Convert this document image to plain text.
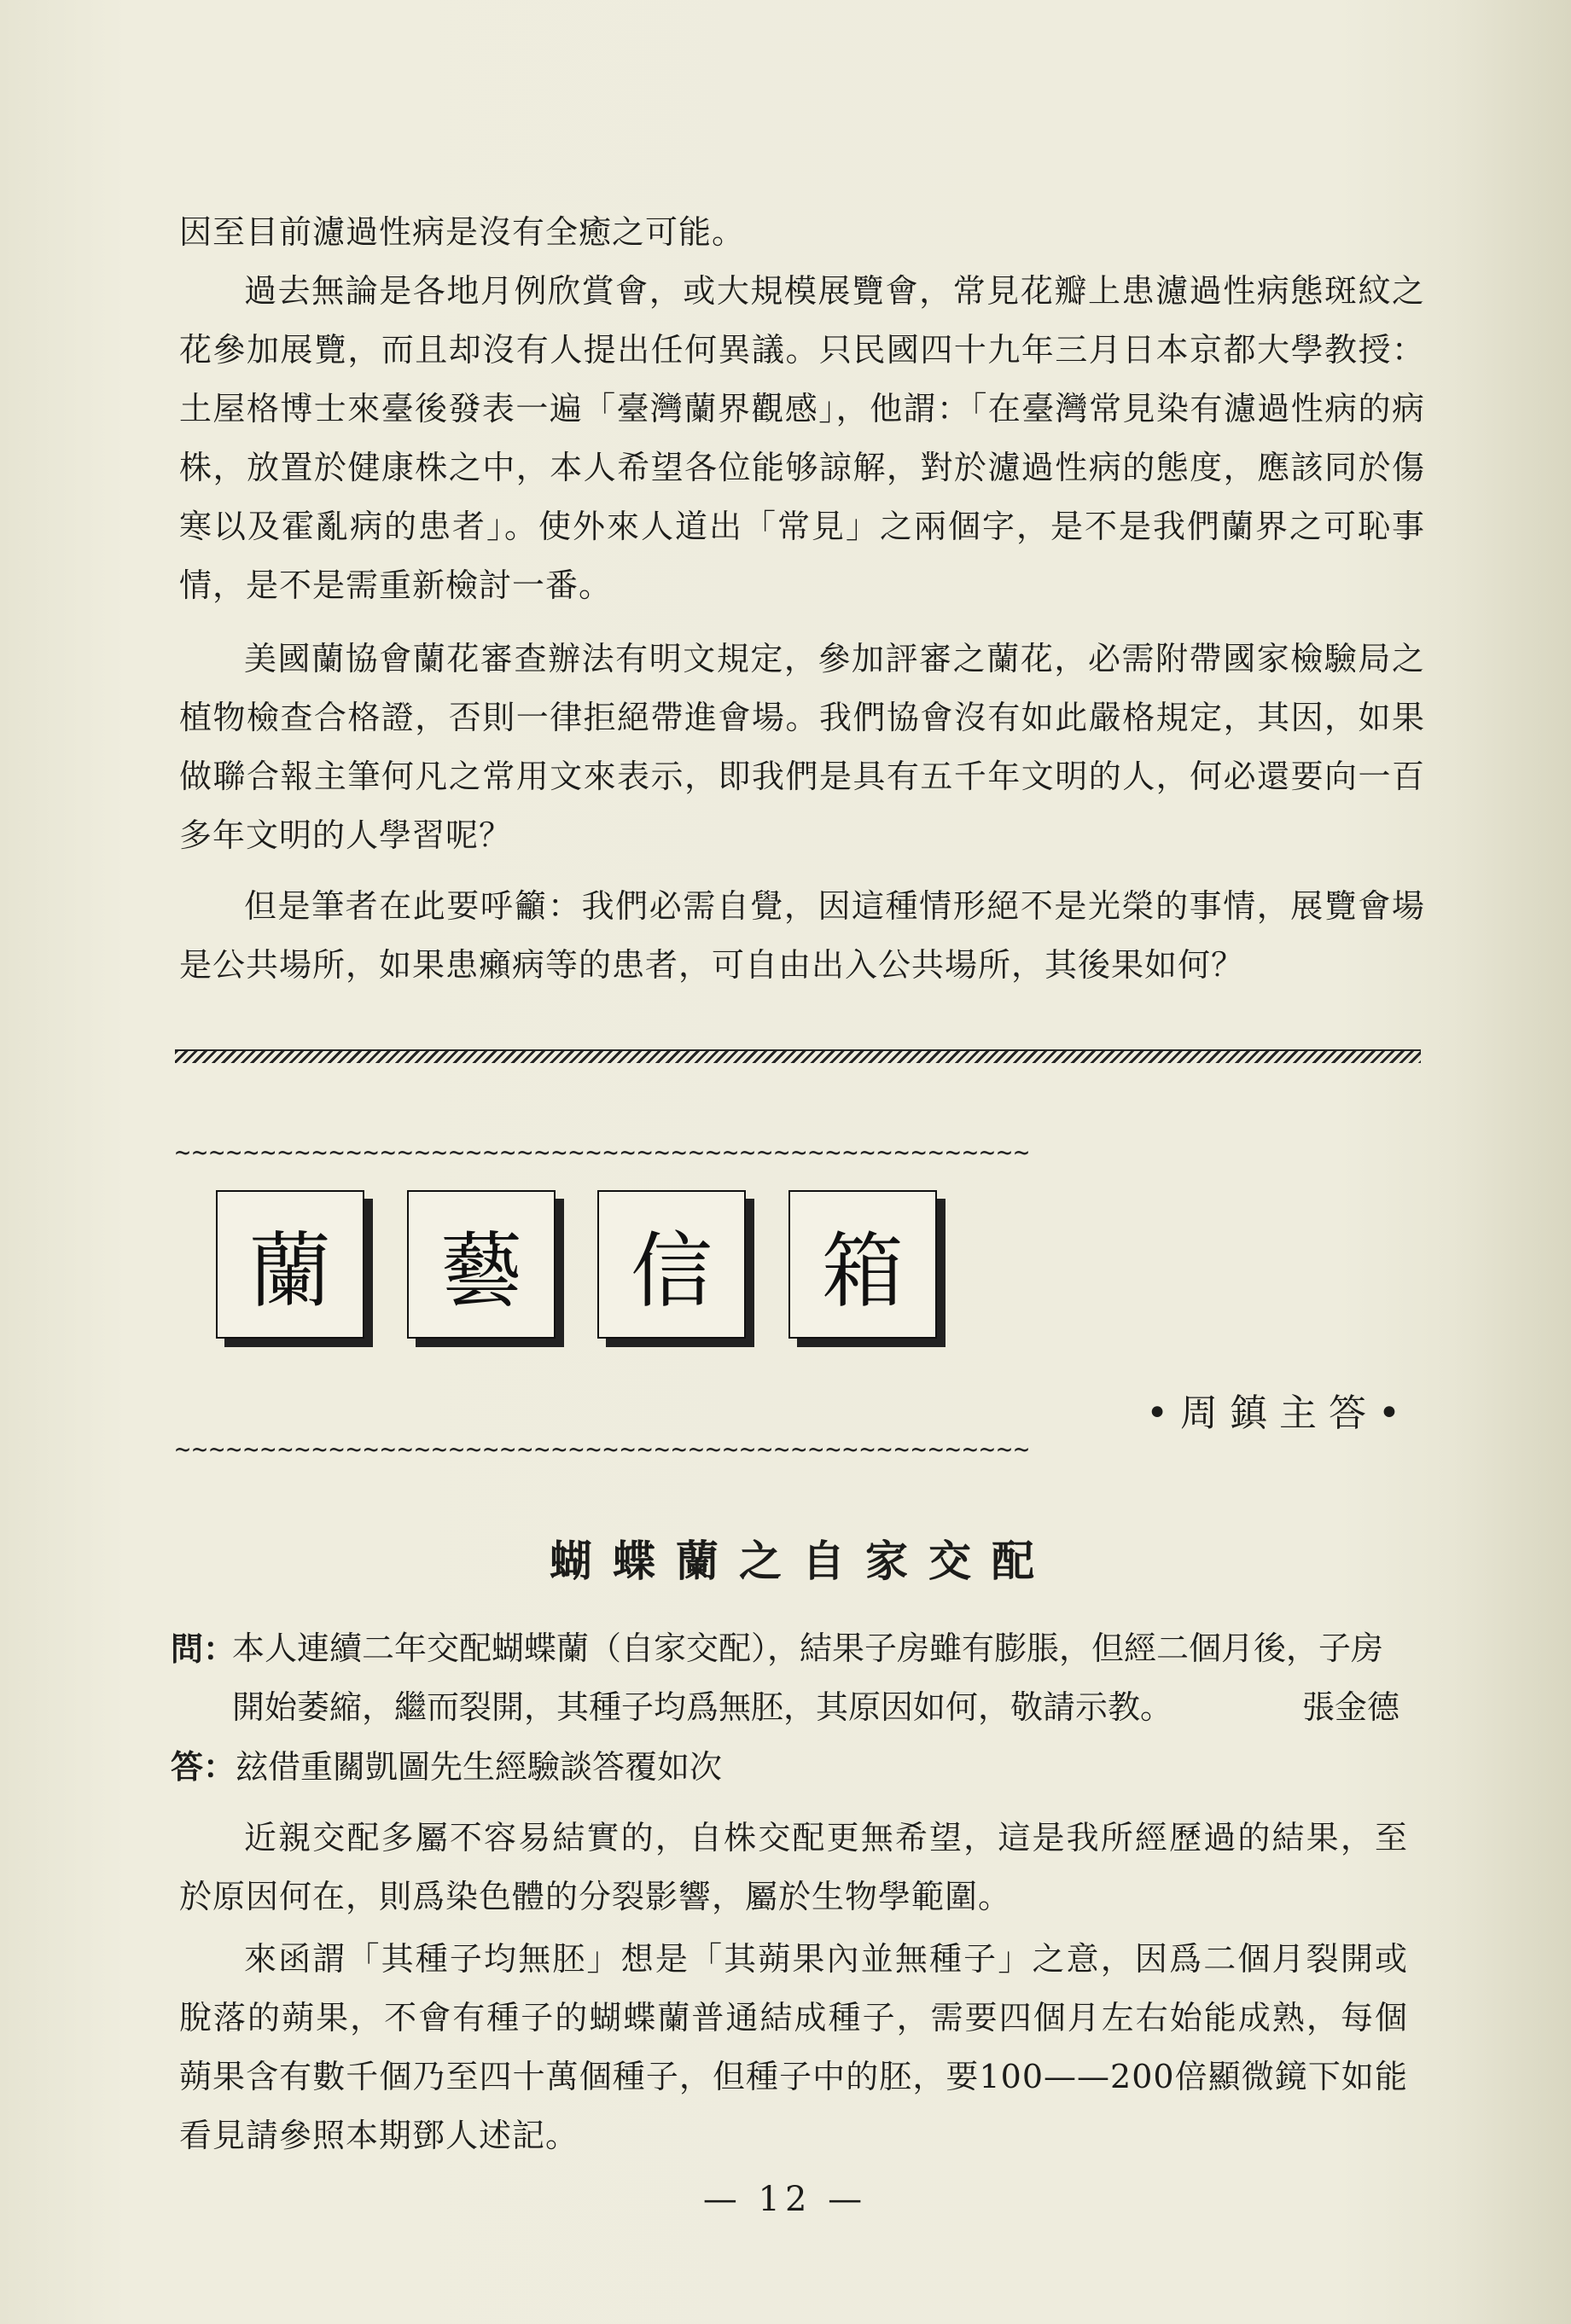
因至目前濾過性病是沒有全癒之可能。

過去無論是各地月例欣賞會，或大規模展覽會，常見花瓣上患濾過性病態斑紋之花參加展覽，而且却沒有人提出任何異議。只民國四十九年三月日本京都大學教授：土屋格博士來臺後發表一遍「臺灣蘭界觀感」，他謂：「在臺灣常見染有濾過性病的病株，放置於健康株之中，本人希望各位能够諒解，對於濾過性病的態度，應該同於傷寒以及霍亂病的患者」。使外來人道出「常見」之兩個字，是不是我們蘭界之可恥事情，是不是需重新檢討一番。

美國蘭協會蘭花審查辦法有明文規定，參加評審之蘭花，必需附帶國家檢驗局之植物檢查合格證，否則一律拒絕帶進會場。我們協會沒有如此嚴格規定，其因，如果做聯合報主筆何凡之常用文來表示，即我們是具有五千年文明的人，何必還要向一百多年文明的人學習呢？

但是筆者在此要呼籲：我們必需自覺，因這種情形絕不是光榮的事情，展覽會場是公共場所，如果患癩病等的患者，可自由出入公共場所，其後果如何？

~~~~~~~~~~~~~~~~~~~~~~~~~~~~~~~~~~~~~~~~~~~~~~~~~~
蘭	藝	信	箱
•周鎮主答•
~~~~~~~~~~~~~~~~~~~~~~~~~~~~~~~~~~~~~~~~~~~~~~~~~~
蝴蝶蘭之自家交配
問：

本人連續二年交配蝴蝶蘭（自家交配），結果子房雖有膨脹，但經二個月後，子房開始萎縮，繼而裂開，其種子均爲無胚，其原因如何，敬請示教。	張金德
答：玆借重關凱圖先生經驗談答覆如次

近親交配多屬不容易結實的，自株交配更無希望，這是我所經歷過的結果，至於原因何在，則爲染色體的分裂影響，屬於生物學範圍。

來函謂「其種子均無胚」想是「其蒴果內並無種子」之意，因爲二個月裂開或脫落的蒴果，不會有種子的蝴蝶蘭普通結成種子，需要四個月左右始能成熟，每個蒴果含有數千個乃至四十萬個種子，但種子中的胚，要100——200倍顯微鏡下如能看見請參照本期鄧人述記。

— 12 —
